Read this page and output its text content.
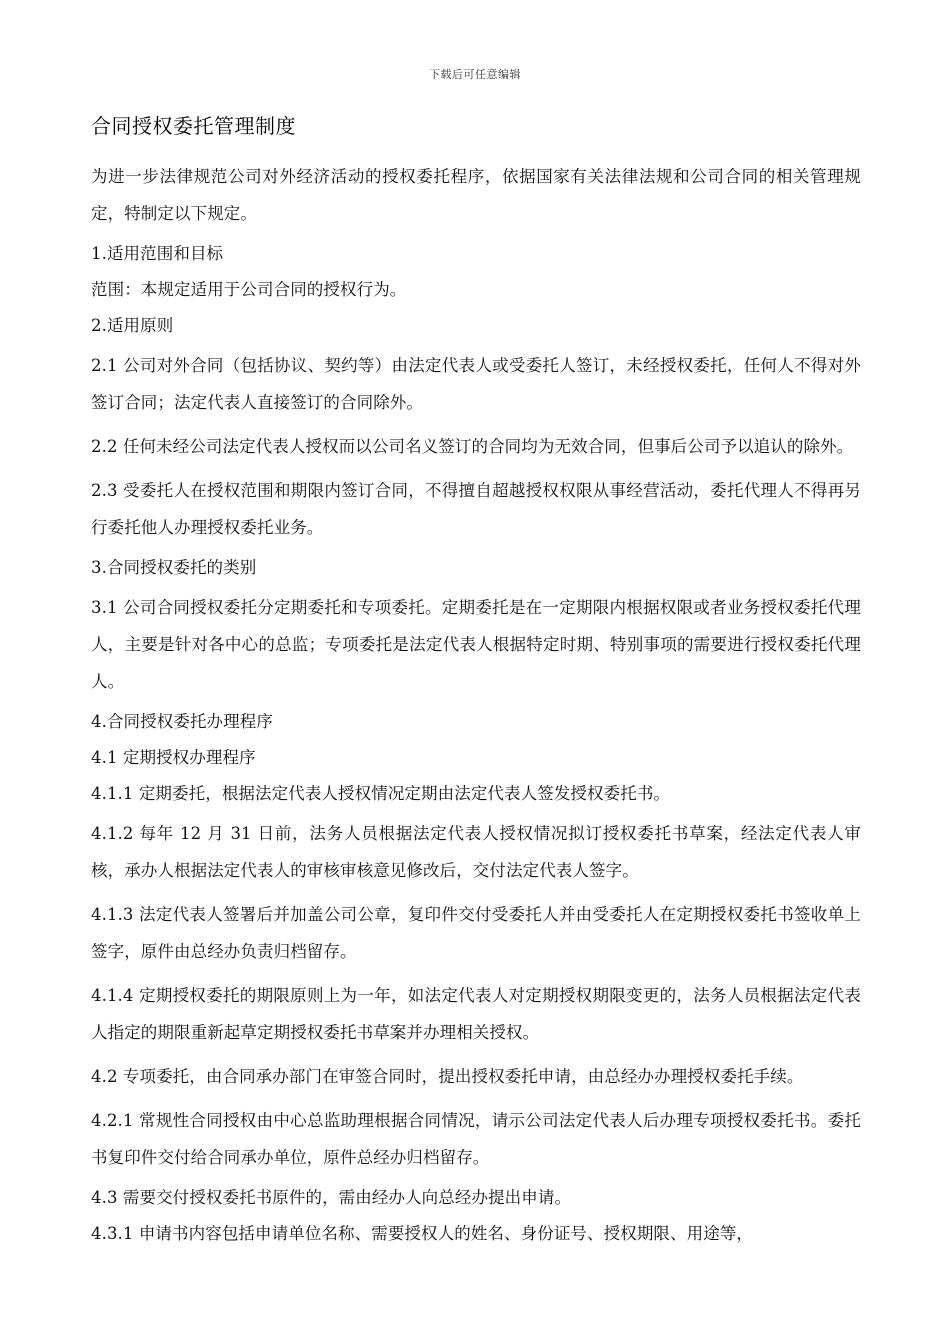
下载后可任意编辑
合同授权委托管理制度

为进一步法律规范公司对外经济活动的授权委托程序，依据国家有关法律法规和公司合同的相关管理规定，特制定以下规定。

1.适用范围和目标

范围：本规定适用于公司合同的授权行为。

2.适用原则

2.1 公司对外合同（包括协议、契约等）由法定代表人或受委托人签订，未经授权委托，任何人不得对外签订合同；法定代表人直接签订的合同除外。

2.2 任何未经公司法定代表人授权而以公司名义签订的合同均为无效合同，但事后公司予以追认的除外。

2.3 受委托人在授权范围和期限内签订合同，不得擅自超越授权权限从事经营活动，委托代理人不得再另行委托他人办理授权委托业务。

3.合同授权委托的类别

3.1 公司合同授权委托分定期委托和专项委托。定期委托是在一定期限内根据权限或者业务授权委托代理人，主要是针对各中心的总监；专项委托是法定代表人根据特定时期、特别事项的需要进行授权委托代理人。

4.合同授权委托办理程序

4.1 定期授权办理程序

4.1.1 定期委托，根据法定代表人授权情况定期由法定代表人签发授权委托书。

4.1.2 每年 12 月 31 日前，法务人员根据法定代表人授权情况拟订授权委托书草案，经法定代表人审核，承办人根据法定代表人的审核审核意见修改后，交付法定代表人签字。

4.1.3 法定代表人签署后并加盖公司公章，复印件交付受委托人并由受委托人在定期授权委托书签收单上签字，原件由总经办负责归档留存。

4.1.4 定期授权委托的期限原则上为一年，如法定代表人对定期授权期限变更的，法务人员根据法定代表人指定的期限重新起草定期授权委托书草案并办理相关授权。

4.2 专项委托，由合同承办部门在审签合同时，提出授权委托申请，由总经办办理授权委托手续。

4.2.1 常规性合同授权由中心总监助理根据合同情况，请示公司法定代表人后办理专项授权委托书。委托书复印件交付给合同承办单位，原件总经办归档留存。

4.3 需要交付授权委托书原件的，需由经办人向总经办提出申请。

4.3.1 申请书内容包括申请单位名称、需要授权人的姓名、身份证号、授权期限、用途等，
